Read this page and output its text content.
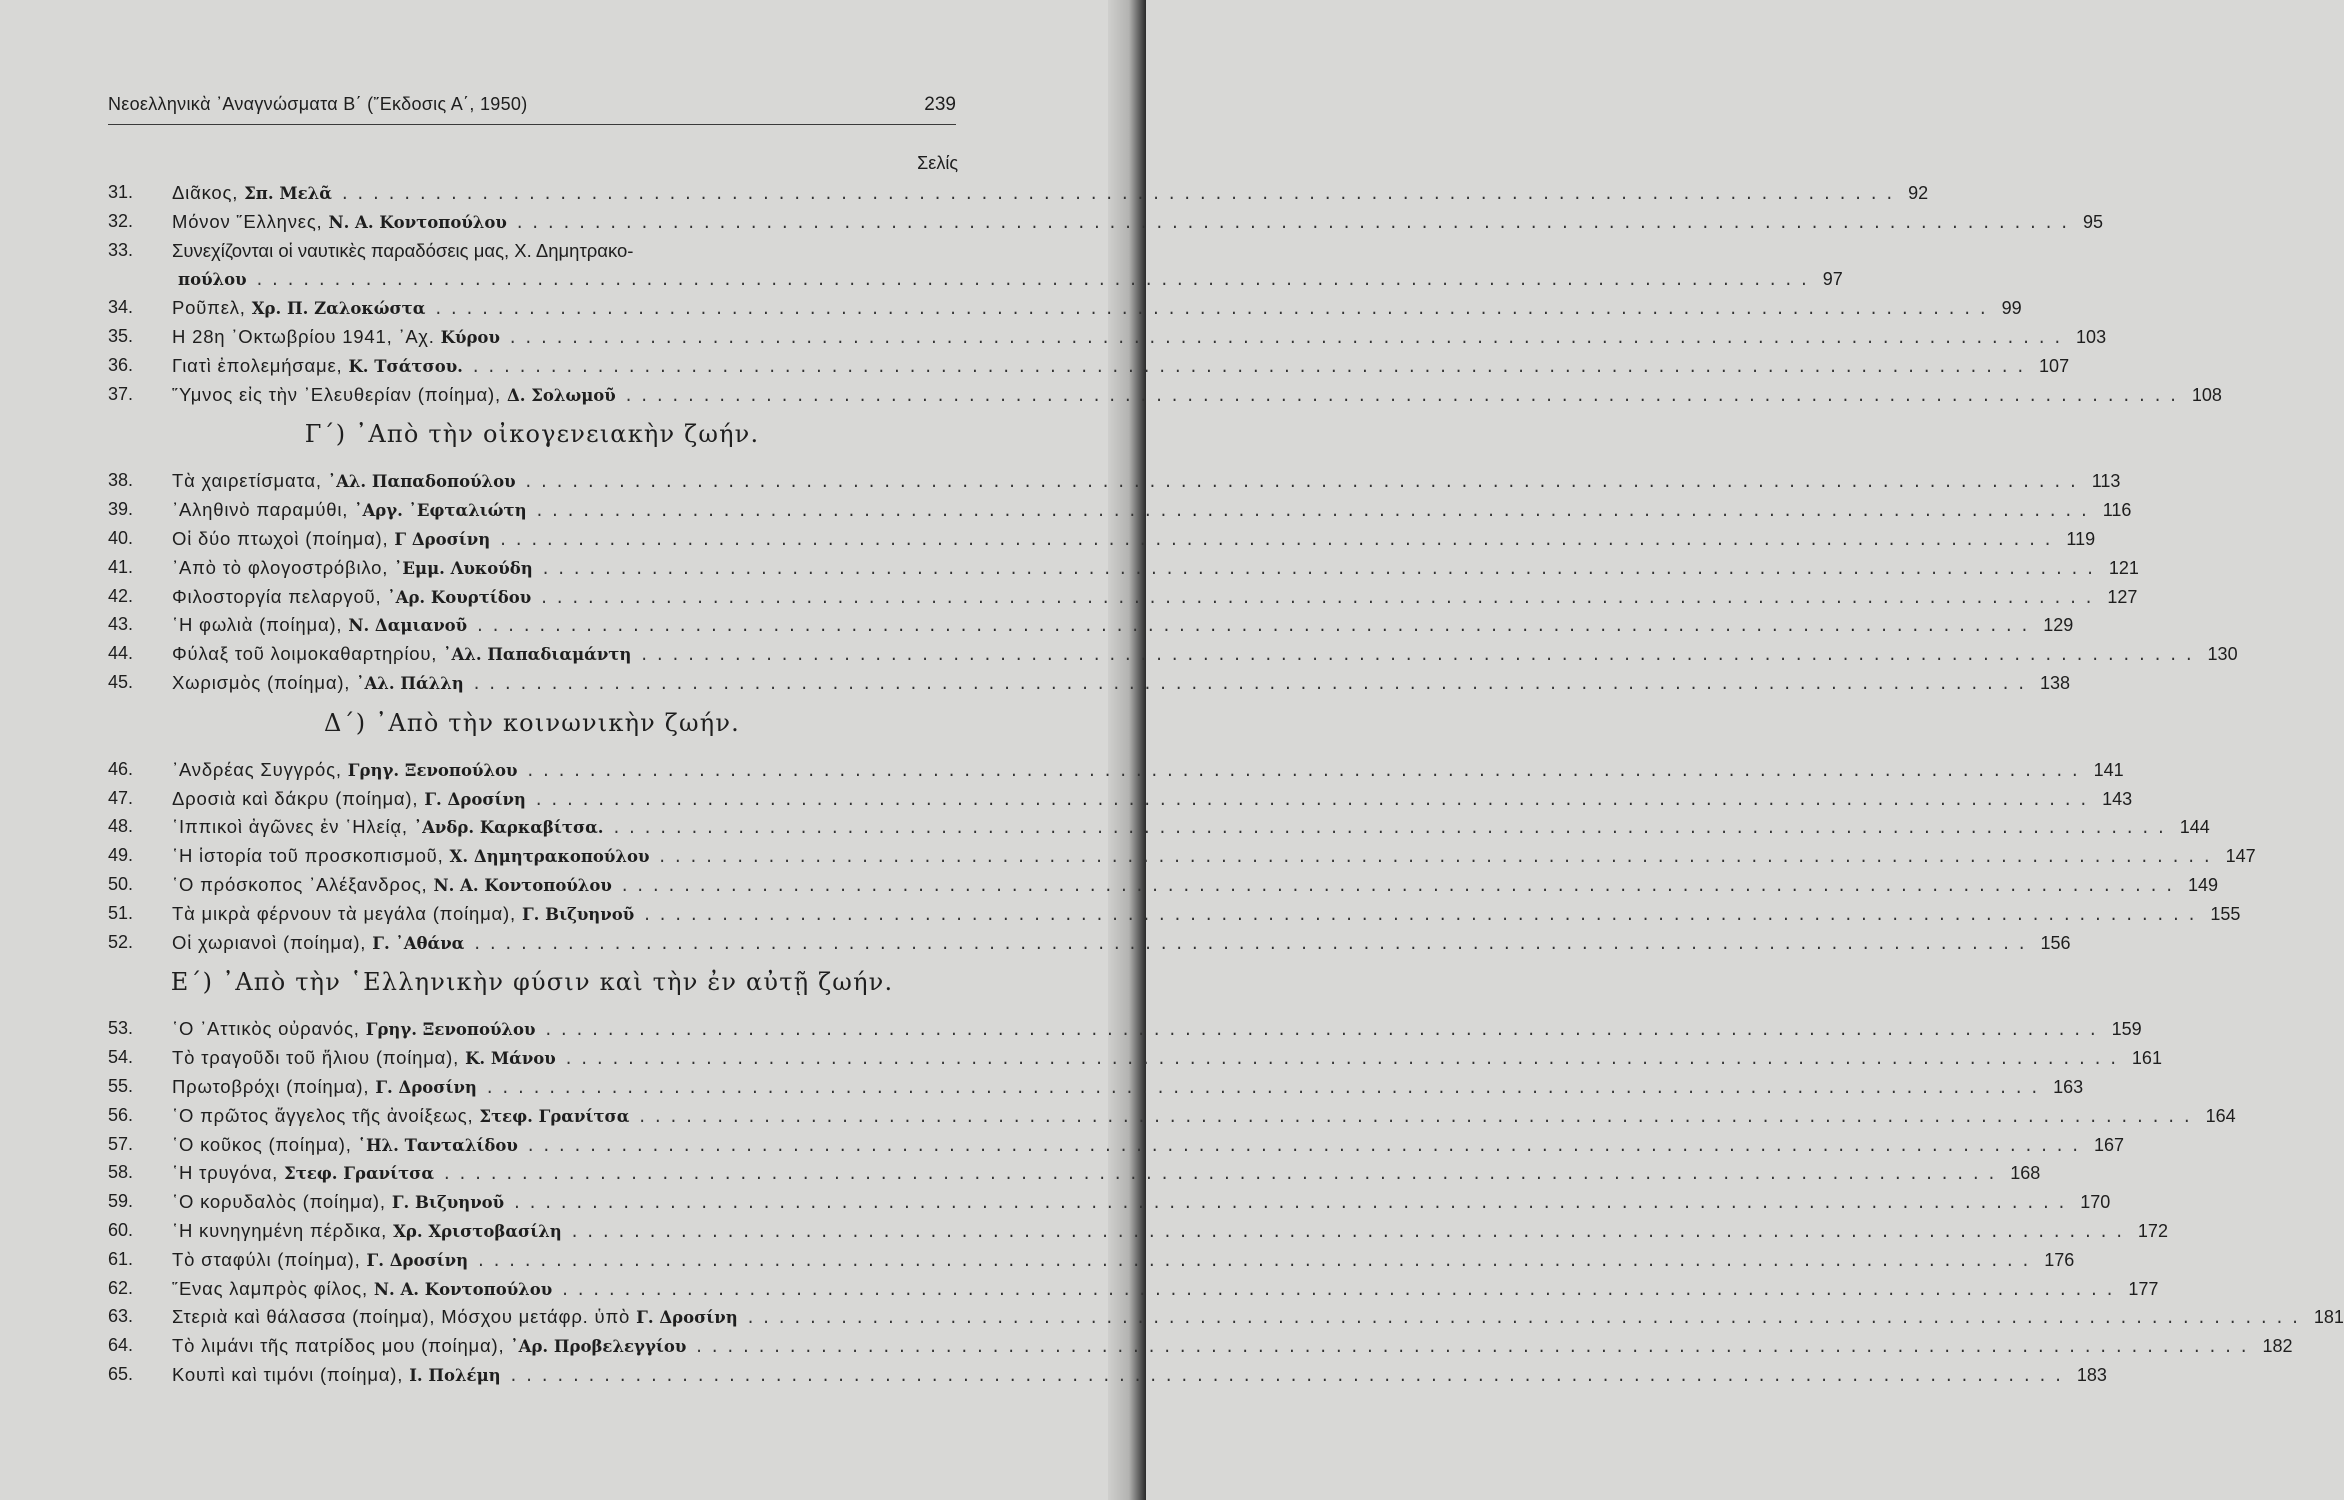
Νεοελληνικὰ ᾿Αναγνώσματα Β΄ (῎Εκδοσις Α΄, 1950)	239
Σελίς
31.	Διᾶκος, Σπ. Μελᾶ .................................................................................................... 92
32.	Μόνον ῞Ελληνες, Ν. Α. Κοντοπούλου .................................................................................................... 95
33.	Συνεχίζονται οἱ ναυτικὲς παραδόσεις μας, Χ. Δημητρακο-
πούλου .................................................................................................... 97
34.	Ροῦπελ, Χρ. Π. Ζαλοκώστα .................................................................................................... 99
35.	Η 28η ᾿Οκτωβρίου 1941, ᾿Αχ. Κύρου .................................................................................................... 103
36.	Γιατὶ ἐπολεμήσαμε, Κ. Τσάτσου. .................................................................................................... 107
37.	῞Υμνος εἰς τὴν ᾿Ελευθερίαν (ποίημα), Δ. Σολωμοῦ .................................................................................................... 108
Γ΄) ᾿Απὸ τὴν οἰκογενειακὴν ζωήν.
38.	Τὰ χαιρετίσματα, ᾿Αλ. Παπαδοπούλου .................................................................................................... 113
39.	᾿Αληθινὸ παραμύθι, ᾿Αργ. ᾿Εφταλιώτη .................................................................................................... 116
40.	Οἱ δύο πτωχοὶ (ποίημα), Γ Δροσίνη .................................................................................................... 119
41.	᾿Απὸ τὸ φλογοστρόβιλο, ᾿Εμμ. Λυκούδη .................................................................................................... 121
42.	Φιλοστοργία πελαργοῦ, ᾿Αρ. Κουρτίδου .................................................................................................... 127
43.	῾Η φωλιὰ (ποίημα), Ν. Δαμιανοῦ .................................................................................................... 129
44.	Φύλαξ τοῦ λοιμοκαθαρτηρίου, ᾿Αλ. Παπαδιαμάντη .................................................................................................... 130
45.	Χωρισμὸς (ποίημα), ᾿Αλ. Πάλλη .................................................................................................... 138
Δ΄) ᾿Απὸ τὴν κοινωνικὴν ζωήν.
46.	᾿Ανδρέας Συγγρός, Γρηγ. Ξενοπούλου .................................................................................................... 141
47.	Δροσιὰ καὶ δάκρυ (ποίημα), Γ. Δροσίνη .................................................................................................... 143
48.	῾Ιππικοὶ ἀγῶνες ἐν ῾Ηλείᾳ, ᾿Ανδρ. Καρκαβίτσα. .................................................................................................... 144
49.	῾Η ἱστορία τοῦ προσκοπισμοῦ, Χ. Δημητρακοπούλου .................................................................................................... 147
50.	῾Ο πρόσκοπος ᾿Αλέξανδρος, Ν. Α. Κοντοπούλου .................................................................................................... 149
51.	Τὰ μικρὰ φέρνουν τὰ μεγάλα (ποίημα), Γ. Βιζυηνοῦ .................................................................................................... 155
52.	Οἱ χωριανοὶ (ποίημα), Γ. ᾿Αθάνα .................................................................................................... 156
Ε΄) ᾿Απὸ τὴν ῾Ελληνικὴν φύσιν καὶ τὴν ἐν αὐτῇ ζωήν.
53.	῾Ο ᾿Αττικὸς οὐρανός, Γρηγ. Ξενοπούλου .................................................................................................... 159
54.	Τὸ τραγοῦδι τοῦ ἥλιου (ποίημα), Κ. Μάνου .................................................................................................... 161
55.	Πρωτοβρόχι (ποίημα), Γ. Δροσίνη .................................................................................................... 163
56.	῾Ο πρῶτος ἄγγελος τῆς ἀνοίξεως, Στεφ. Γρανίτσα .................................................................................................... 164
57.	῾Ο κοῦκος (ποίημα), ῾Ηλ. Τανταλίδου .................................................................................................... 167
58.	῾Η τρυγόνα, Στεφ. Γρανίτσα .................................................................................................... 168
59.	῾Ο κορυδαλὸς (ποίημα), Γ. Βιζυηνοῦ .................................................................................................... 170
60.	῾Η κυνηγημένη πέρδικα, Χρ. Χριστοβασίλη .................................................................................................... 172
61.	Τὸ σταφύλι (ποίημα), Γ. Δροσίνη .................................................................................................... 176
62.	῞Ενας λαμπρὸς φίλος, Ν. Α. Κοντοπούλου .................................................................................................... 177
63.	Στεριὰ καὶ θάλασσα (ποίημα), Μόσχου μετάφρ. ὑπὸ Γ. Δροσίνη .................................................................................................... 181
64.	Τὸ λιμάνι τῆς πατρίδος μου (ποίημα), ᾿Αρ. Προβελεγγίου .................................................................................................... 182
65.	Κουπὶ καὶ τιμόνι (ποίημα), Ι. Πολέμη .................................................................................................... 183
